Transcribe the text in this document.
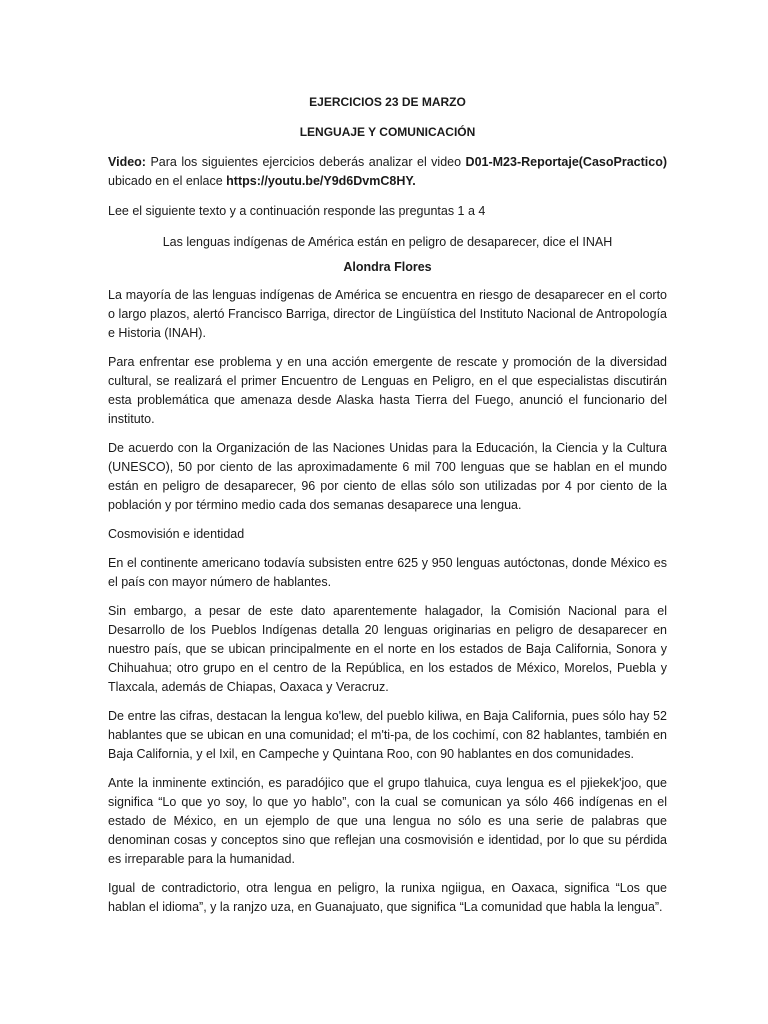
EJERCICIOS 23 DE MARZO
LENGUAJE Y COMUNICACIÓN

Video: Para los siguientes ejercicios deberás analizar el video D01-M23-Reportaje(CasoPractico) ubicado en el enlace https://youtu.be/Y9d6DvmC8HY.

Lee el siguiente texto y a continuación responde las preguntas 1 a 4

Las lenguas indígenas de América están en peligro de desaparecer, dice el INAH
Alondra Flores

La mayoría de las lenguas indígenas de América se encuentra en riesgo de desaparecer en el corto o largo plazos, alertó Francisco Barriga, director de Lingüística del Instituto Nacional de Antropología e Historia (INAH).

Para enfrentar ese problema y en una acción emergente de rescate y promoción de la diversidad cultural, se realizará el primer Encuentro de Lenguas en Peligro, en el que especialistas discutirán esta problemática que amenaza desde Alaska hasta Tierra del Fuego, anunció el funcionario del instituto.

De acuerdo con la Organización de las Naciones Unidas para la Educación, la Ciencia y la Cultura (UNESCO), 50 por ciento de las aproximadamente 6 mil 700 lenguas que se hablan en el mundo están en peligro de desaparecer, 96 por ciento de ellas sólo son utilizadas por 4 por ciento de la población y por término medio cada dos semanas desaparece una lengua.

Cosmovisión e identidad

En el continente americano todavía subsisten entre 625 y 950 lenguas autóctonas, donde México es el país con mayor número de hablantes.

Sin embargo, a pesar de este dato aparentemente halagador, la Comisión Nacional para el Desarrollo de los Pueblos Indígenas detalla 20 lenguas originarias en peligro de desaparecer en nuestro país, que se ubican principalmente en el norte en los estados de Baja California, Sonora y Chihuahua; otro grupo en el centro de la República, en los estados de México, Morelos, Puebla y Tlaxcala, además de Chiapas, Oaxaca y Veracruz.

De entre las cifras, destacan la lengua ko'lew, del pueblo kiliwa, en Baja California, pues sólo hay 52 hablantes que se ubican en una comunidad; el m'ti-pa, de los cochimí, con 82 hablantes, también en Baja California, y el Ixil, en Campeche y Quintana Roo, con 90 hablantes en dos comunidades.

Ante la inminente extinción, es paradójico que el grupo tlahuica, cuya lengua es el pjiekek'joo, que significa “Lo que yo soy, lo que yo hablo”, con la cual se comunican ya sólo 466 indígenas en el estado de México, en un ejemplo de que una lengua no sólo es una serie de palabras que denominan cosas y conceptos sino que reflejan una cosmovisión e identidad, por lo que su pérdida es irreparable para la humanidad.

Igual de contradictorio, otra lengua en peligro, la runixa ngiigua, en Oaxaca, significa “Los que hablan el idioma”, y la ranjzo uza, en Guanajuato, que significa “La comunidad que habla la lengua”.
